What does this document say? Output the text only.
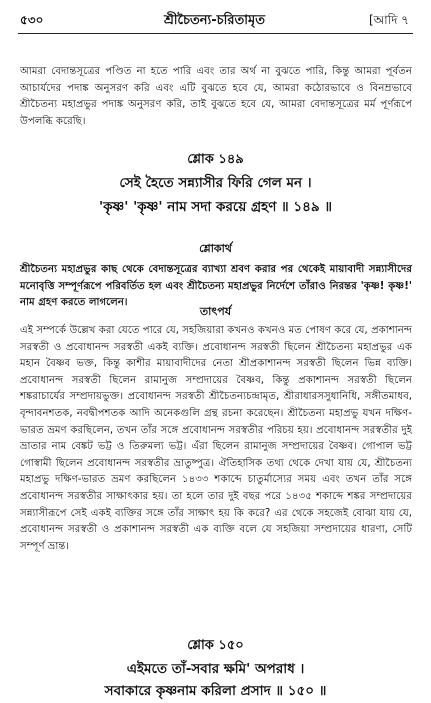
৫৩০	শ্রীচৈতন্য-চরিতামৃত	[আদি ৭

আমরা বেদান্তসূত্রের পণ্ডিত না হতে পারি এবং তার অর্থ না বুঝতে পারি, কিন্তু আমরা পূর্বতন আচার্যদের পদাঙ্ক অনুসরণ করি এবং এটি বুঝতে হবে যে, আমরা কঠোরভাবে ও বিনম্রভাবে শ্রীচৈতন্য মহাপ্রভুর পদাঙ্ক অনুসরণ করি, তাই বুঝতে হবে যে, আমরা বেদান্তসূত্রের মর্ম পূর্ণরূপে উপলব্ধি করেছি।

শ্লোক ১৪৯
সেই হৈতে সন্ন্যাসীর ফিরি গেল মন ।
'কৃষ্ণ' 'কৃষ্ণ' নাম সদা কর‍য়ে গ্রহণ ॥ ১৪৯ ॥
শ্লোকার্থ
শ্রীচৈতন্য মহাপ্রভুর কাছ থেকে বেদান্তসূত্রের ব্যাখ্যা শ্রবণ করার পর থেকেই মায়াবাদী সন্ন্যাসীদের মনোবৃত্তি সম্পূর্ণরূপে পরিবর্তিত হল এবং শ্রীচৈতন্য মহাপ্রভুর নির্দেশে তাঁরাও নিরন্তর 'কৃষ্ণ! কৃষ্ণ!' নাম গ্রহণ করতে লাগলেন।
তাৎপর্য

এই সম্পর্কে উল্লেখ করা যেতে পারে যে, সহজিয়ারা কখনও কখনও মত পোষণ করে যে, প্রকাশানন্দ সরস্বতী ও প্রবোধানন্দ সরস্বতী একই ব্যক্তি। প্রবোধানন্দ সরস্বতী ছিলেন শ্রীচৈতন্য মহাপ্রভুর এক মহান বৈষ্ণব ভক্ত, কিন্তু কাশীর মায়াবাদীদের নেতা শ্রীপ্রকাশানন্দ সরস্বতী ছিলেন ভিন্ন ব্যক্তি। প্রবোধানন্দ সরস্বতী ছিলেন রামানুজ সম্প্রদায়ের বৈষ্ণব, কিন্তু প্রকাশানন্দ সরস্বতী ছিলেন শঙ্করাচার্যের সম্প্রদায়ভুক্ত। প্রবোধানন্দ সরস্বতী শ্রীচৈতন্যচন্দ্রামৃত, শ্রীরাধারসসুধানিধি, সঙ্গীতমাধব, বৃন্দাবনশতক, নবদ্বীপশতক আদি অনেকগুলি গ্রন্থ রচনা করেছেন। শ্রীচৈতন্য মহাপ্রভু যখন দক্ষিণ-ভারত ভ্রমণ করছিলেন, তখন তাঁর সঙ্গে প্রবোধানন্দ সরস্বতীর পরিচয় হয়। প্রবোধানন্দ সরস্বতীর দুই ভ্রাতার নাম বেঙ্কট ভট্ট ও তিরুমল্য ভট্ট। এঁরা ছিলেন রামানুজ সম্প্রদায়ের বৈষ্ণব। গোপাল ভট্ট গোস্বামী ছিলেন প্রবোধানন্দ সরস্বতীর ভ্রাতুষ্পুত্র। ঐতিহাসিক তথ্য থেকে দেখা যায় যে, শ্রীচৈতন্য মহাপ্রভু দক্ষিণ-ভারত ভ্রমণ করছিলেন ১৪৩৩ শকাব্দে চাতুর্মাস্যের সময় এবং তখন তাঁর সঙ্গে প্রবোধানন্দ সরস্বতীর সাক্ষাৎকার হয়। তা হলে তার দুই বছর পরে ১৪৩৫ শকাব্দে শঙ্কর সম্প্রদায়ের সন্ন্যাসীরূপে সেই একই ব্যক্তির সঙ্গে তাঁর সাক্ষাৎ হয় কি করে? এর থেকে সহজেই বোঝা যায় যে, প্রবোধানন্দ সরস্বতী ও প্রকাশানন্দ সরস্বতী এক ব্যক্তি বলে যে সহজিয়া সম্প্রদায়ের ধারণা, সেটি সম্পূর্ণ ভ্রান্ত।

শ্লোক ১৫০
এইমতে তাঁ-সবার ক্ষমি' অপরাধ ।
সবাকারে কৃষ্ণনাম করিলা প্রসাদ ॥ ১৫০ ॥
